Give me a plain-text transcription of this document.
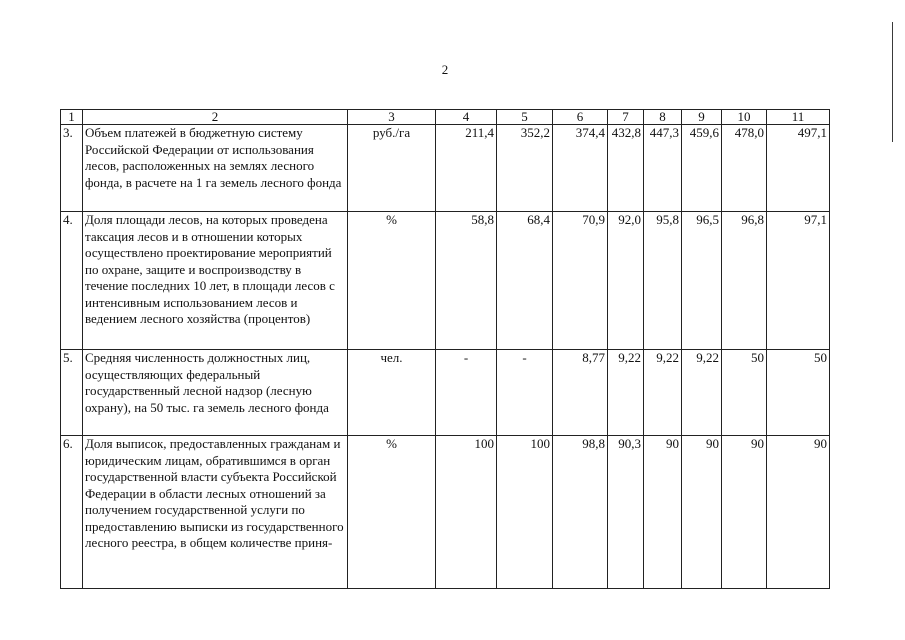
2
1	2	3	4	5	6	7	8	9	10	11
3.	Объем платежей в бюджетную систему Российской Федерации от использования лесов, расположенных на землях лесного фонда, в расчете на 1 га земель лесного фонда	руб./га	211,4	352,2	374,4	432,8	447,3	459,6	478,0	497,1
4.	Доля площади лесов, на которых проведена таксация лесов и в отношении которых осуществлено проектирование мероприятий по охране, защите и воспроизводству в течение последних 10 лет, в площади лесов с интенсивным использованием лесов и ведением лесного хозяйства (процентов)	%	58,8	68,4	70,9	92,0	95,8	96,5	96,8	97,1
5.	Средняя численность должностных лиц, осуществляющих федеральный государственный лесной надзор (лесную охрану), на 50 тыс. га земель лесного фонда	чел.	-	-	8,77	9,22	9,22	9,22	50	50
6.	Доля выписок, предоставленных гражданам и юридическим лицам, обратившимся в орган государственной власти субъекта Российской Федерации в области лесных отношений за получением государственной услуги по предоставлению выписки из государственного лесного реестра, в общем количестве приня-	%	100	100	98,8	90,3	90	90	90	90
